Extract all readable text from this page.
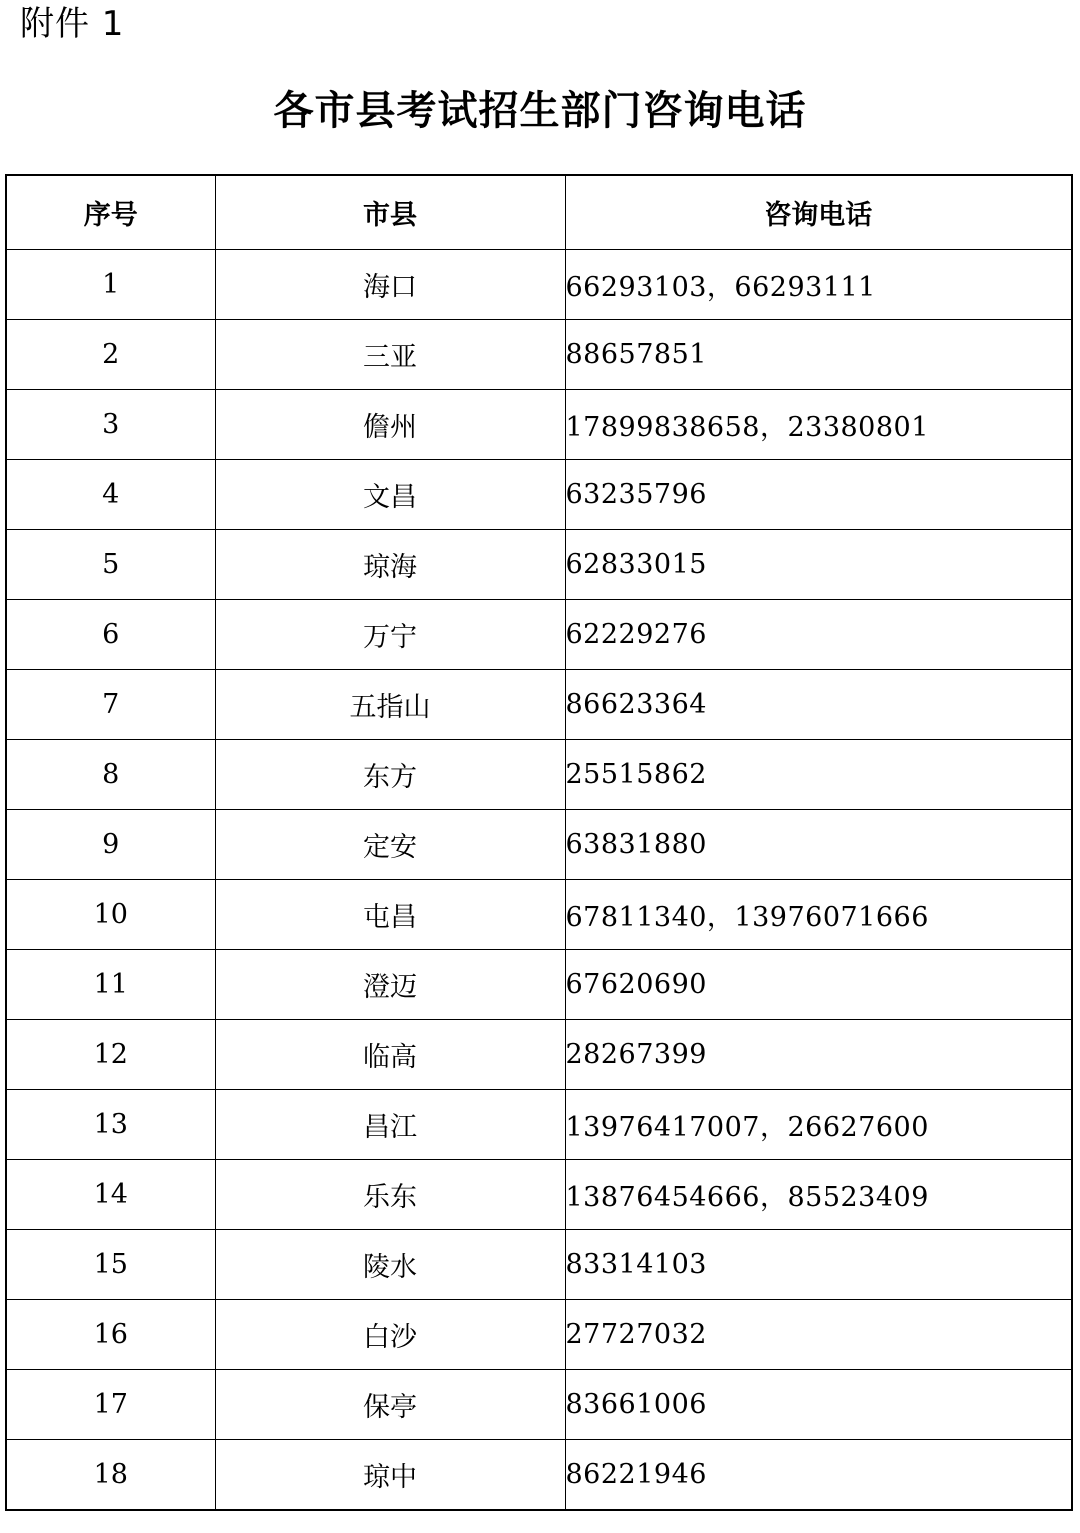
附件 1
各市县考试招生部门咨询电话
序号	市县	咨询电话
1	海口	66293103，66293111
2	三亚	88657851
3	儋州	17899838658，23380801
4	文昌	63235796
5	琼海	62833015
6	万宁	62229276
7	五指山	86623364
8	东方	25515862
9	定安	63831880
10	屯昌	67811340，13976071666
11	澄迈	67620690
12	临高	28267399
13	昌江	13976417007，26627600
14	乐东	13876454666，85523409
15	陵水	83314103
16	白沙	27727032
17	保亭	83661006
18	琼中	86221946
